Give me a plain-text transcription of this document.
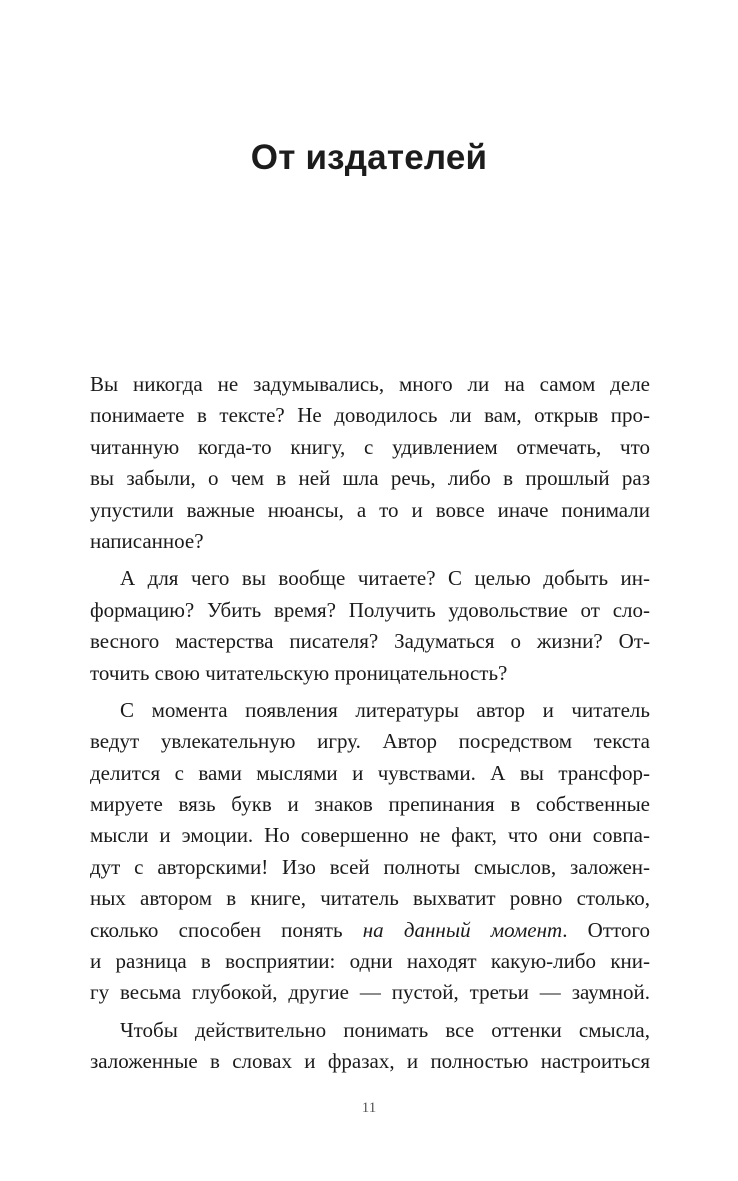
От издателей
Вы никогда не задумывались, много ли на самом деле
понимаете в тексте? Не доводилось ли вам, открыв про-
читанную когда-то книгу, с удивлением отмечать, что
вы забыли, о чем в ней шла речь, либо в прошлый раз
упустили важные нюансы, а то и вовсе иначе понимали
написанное?
А для чего вы вообще читаете? С целью добыть ин-
формацию? Убить время? Получить удовольствие от сло-
весного мастерства писателя? Задуматься о жизни? От-
точить свою читательскую проницательность?
С момента появления литературы автор и читатель
ведут увлекательную игру. Автор посредством текста
делится с вами мыслями и чувствами. А вы трансфор-
мируете вязь букв и знаков препинания в собственные
мысли и эмоции. Но совершенно не факт, что они совпа-
дут с авторскими! Изо всей полноты смыслов, заложен-
ных автором в книге, читатель выхватит ровно столько,
сколько способен понять на данный момент. Оттого
и разница в восприятии: одни находят какую-либо кни-
гу весьма глубокой, другие — пустой, третьи — заумной.
Чтобы действительно понимать все оттенки смысла,
заложенные в словах и фразах, и полностью настроиться
11
